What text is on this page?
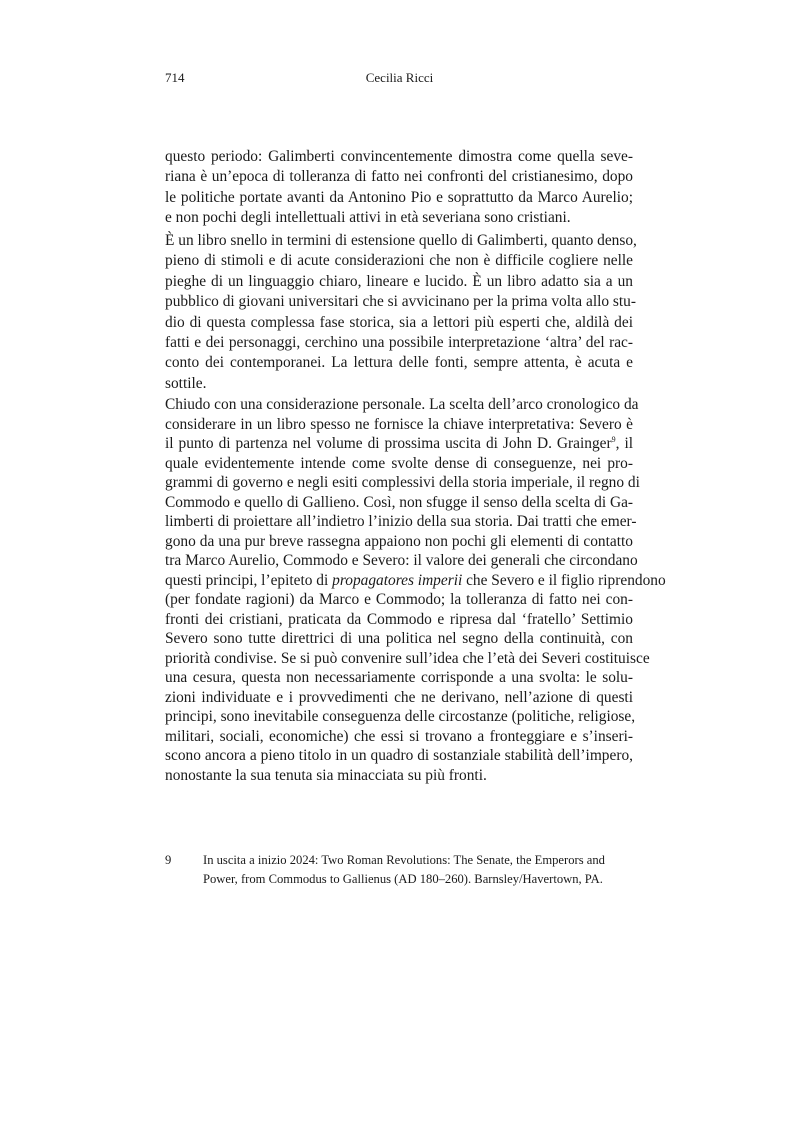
714	Cecilia Ricci
questo periodo: Galimberti convincentemente dimostra come quella seve-
riana è un’epoca di tolleranza di fatto nei confronti del cristianesimo, dopo
le politiche portate avanti da Antonino Pio e soprattutto da Marco Aurelio;
e non pochi degli intellettuali attivi in età severiana sono cristiani.
È un libro snello in termini di estensione quello di Galimberti, quanto denso,
pieno di stimoli e di acute considerazioni che non è difficile cogliere nelle
pieghe di un linguaggio chiaro, lineare e lucido. È un libro adatto sia a un
pubblico di giovani universitari che si avvicinano per la prima volta allo stu-
dio di questa complessa fase storica, sia a lettori più esperti che, aldilà dei
fatti e dei personaggi, cerchino una possibile interpretazione ‘altra’ del rac-
conto dei contemporanei. La lettura delle fonti, sempre attenta, è acuta e
sottile.
Chiudo con una considerazione personale. La scelta dell’arco cronologico da
considerare in un libro spesso ne fornisce la chiave interpretativa: Severo è
il punto di partenza nel volume di prossima uscita di John D. Grainger$^9$, il
quale evidentemente intende come svolte dense di conseguenze, nei pro-
grammi di governo e negli esiti complessivi della storia imperiale, il regno di
Commodo e quello di Gallieno. Così, non sfugge il senso della scelta di Ga-
limberti di proiettare all’indietro l’inizio della sua storia. Dai tratti che emer-
gono da una pur breve rassegna appaiono non pochi gli elementi di contatto
tra Marco Aurelio, Commodo e Severo: il valore dei generali che circondano
questi principi, l’epiteto di propagatores imperii che Severo e il figlio riprendono
(per fondate ragioni) da Marco e Commodo; la tolleranza di fatto nei con-
fronti dei cristiani, praticata da Commodo e ripresa dal ‘fratello’ Settimio
Severo sono tutte direttrici di una politica nel segno della continuità, con
priorità condivise. Se si può convenire sull’idea che l’età dei Severi costituisce
una cesura, questa non necessariamente corrisponde a una svolta: le solu-
zioni individuate e i provvedimenti che ne derivano, nell’azione di questi
principi, sono inevitabile conseguenza delle circostanze (politiche, religiose,
militari, sociali, economiche) che essi si trovano a fronteggiare e s’inseri-
scono ancora a pieno titolo in un quadro di sostanziale stabilità dell’impero,
nonostante la sua tenuta sia minacciata su più fronti.
9	In uscita a inizio 2024: Two Roman Revolutions: The Senate, the Emperors and Power, from Commodus to Gallienus (AD 180–260). Barnsley/Havertown, PA.
